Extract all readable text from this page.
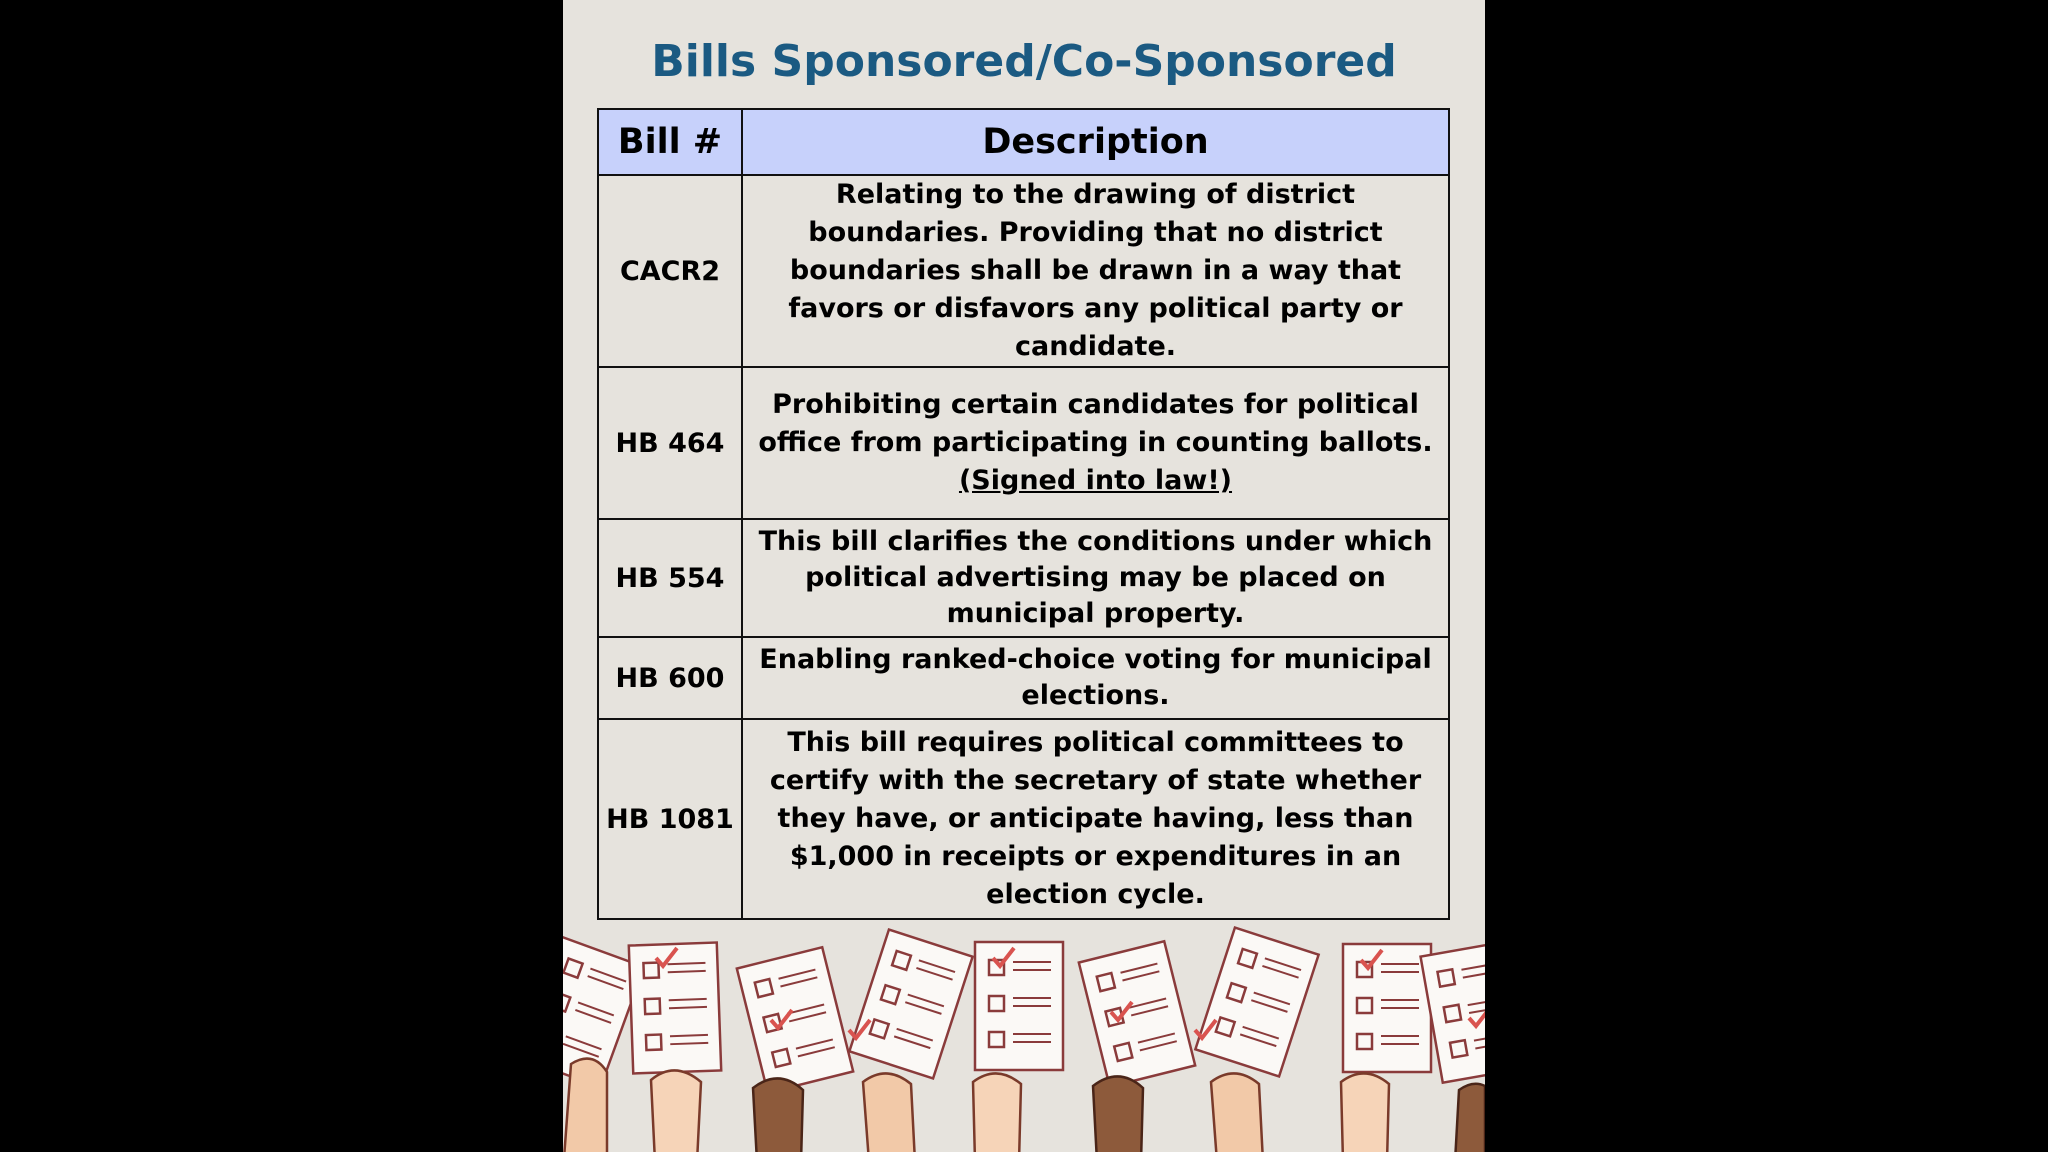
Bills Sponsored/Co-Sponsored
Bill #	Description
CACR2	Relating to the drawing of district boundaries. Providing that no district boundaries shall be drawn in a way that favors or disfavors any political party or candidate.
HB 464	Prohibiting certain candidates for political office from participating in counting ballots.
(Signed into law!)
HB 554	This bill clarifies the conditions under which political advertising may be placed on municipal property.
HB 600	Enabling ranked-choice voting for municipal elections.
HB 1081	This bill requires political committees to certify with the secretary of state whether they have, or anticipate having, less than $1,000 in receipts or expenditures in an election cycle.
